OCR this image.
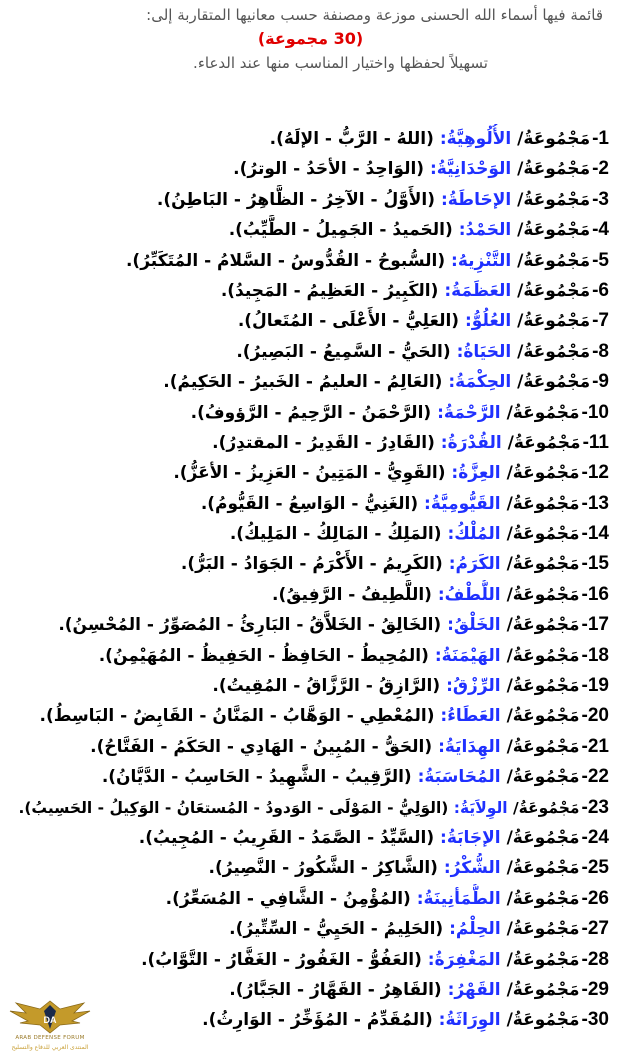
قائمة فيها أسماء الله الحسنى موزعة ومصنفة حسب معانيها المتقاربة إلى:
(30 مجموعة)
تسهيلاً لحفظها واختيار المناسب منها عند الدعاء.
1-مَجْمُوعَةُ/ الأُلُوهِيَّةُ: (اللهُ - الرَّبُّ - الإلَهُ).
2-مَجْمُوعَةُ/ الوَحْدَانِيَّةُ: (الوَاحِدُ - الأحَدُ - الوترُ).
3-مَجْمُوعَةُ/ الإحَاطَةُ: (الأَوَّلُ - الآخِرُ - الظَّاهِرُ - البَاطِنُ).
4-مَجْمُوعَةُ/ الحَمْدُ: (الحَميدُ - الجَمِيلُ - الطَّيِّبُ).
5-مَجْمُوعَةُ/ التَّنْزِيهُ: (السُّبوحُ - القُدُّوسُ - السَّلامُ - المُتَكَبِّرُ).
6-مَجْمُوعَةُ/ العَظَمَةُ: (الكَبِيرُ - العَظِيمُ - المَجِيدُ).
7-مَجْمُوعَةُ/ العُلُوُّ: (العَلِيُّ - الأَعْلَى - المُتَعالُ).
8-مَجْمُوعَةُ/ الحَيَاةُ: (الحَيُّ - السَّمِيعُ - البَصِيرُ).
9-مَجْمُوعَةُ/ الحِكْمَةُ: (العَالِمُ - العليمُ - الخَبيرُ - الحَكِيمُ).
10-مَجْمُوعَةُ/ الرَّحْمَةُ: (الرَّحْمَنُ - الرَّحِيمُ - الرَّؤوفُ).
11-مَجْمُوعَةُ/ القُدْرَةُ: (القَادِرُ - القَدِيرُ - المقتدِرُ).
12-مَجْمُوعَةُ/ العِزَّةُ: (القَوِيُّ - المَتِينُ - العَزِيزُ - الأعَزُّ).
13-مَجْمُوعَةُ/ القَيُّومِيَّةُ: (الغَنِيُّ - الوَاسِعُ - القَيُّومُ).
14-مَجْمُوعَةُ/ المُلْكُ: (المَلِكُ - المَالِكُ - المَلِيكُ).
15-مَجْمُوعَةُ/ الكَرَمُ: (الكَرِيمُ - الأَكْرَمُ - الجَوَادُ - البَرُّ).
16-مَجْمُوعَةُ/ اللُّطْفُ: (اللَّطِيفُ - الرَّفِيقُ).
17-مَجْمُوعَةُ/ الخَلْقُ: (الخَالِقُ - الخَلاَّقُ - البَارِئُ - المُصَوِّرُ - المُحْسِنُ).
18-مَجْمُوعَةُ/ الهَيْمَنَةُ: (المُحِيطُ - الحَافِظُ - الحَفِيظُ - المُهَيْمِنُ).
19-مَجْمُوعَةُ/ الرِّزْقُ: (الرَّازِقُ - الرَّزَّاقُ - المُقِيتُ).
20-مَجْمُوعَةُ/ العَطَاءُ: (المُعْطِي - الوَهَّابُ - المَنَّانُ - القَابِضُ - البَاسِطُ).
21-مَجْمُوعَةُ/ الهِدَايَةُ: (الحَقُّ - المُبِينُ - الهَادِي - الحَكَمُ - الفَتَّاحُ).
22-مَجْمُوعَةُ/ المُحَاسَبَةُ: (الرَّقِيبُ - الشَّهِيدُ - الحَاسِبُ - الدَّيَّانُ).
23-مَجْمُوعَةُ/ الوِلاَيَةُ: (الوَلِيُّ - المَوْلَى - الوَدودُ - المُستعَانُ - الوَكِيلُ - الحَسِيبُ).
24-مَجْمُوعَةُ/ الإجَابَةُ: (السَّيِّدُ - الصَّمَدُ - القَرِيبُ - المُجِيبُ).
25-مَجْمُوعَةُ/ الشُّكْرُ: (الشَّاكِرُ - الشَّكُورُ - النَّصِيرُ).
26-مَجْمُوعَةُ/ الطُّمَأنِينَةُ: (المُؤْمِنُ - الشَّافِي - المُسَعِّرُ).
27-مَجْمُوعَةُ/ الحِلْمُ: (الحَلِيمُ - الحَيِيُّ - السِّتِّيرُ).
28-مَجْمُوعَةُ/ المَغْفِرَةُ: (العَفُوُّ - الغَفُورُ - الغَفَّارُ - التَّوَّابُ).
29-مَجْمُوعَةُ/ القَهْرُ: (القَاهِرُ - القَهَّارُ - الجَبَّارُ).
30-مَجْمُوعَةُ/ الوِرَاثَةُ: (المُقَدِّمُ - المُؤَخِّرُ - الوَارِثُ).
DA
ARAB DEFENSE FORUM
المنتدى العربي للدفاع والتسليح
